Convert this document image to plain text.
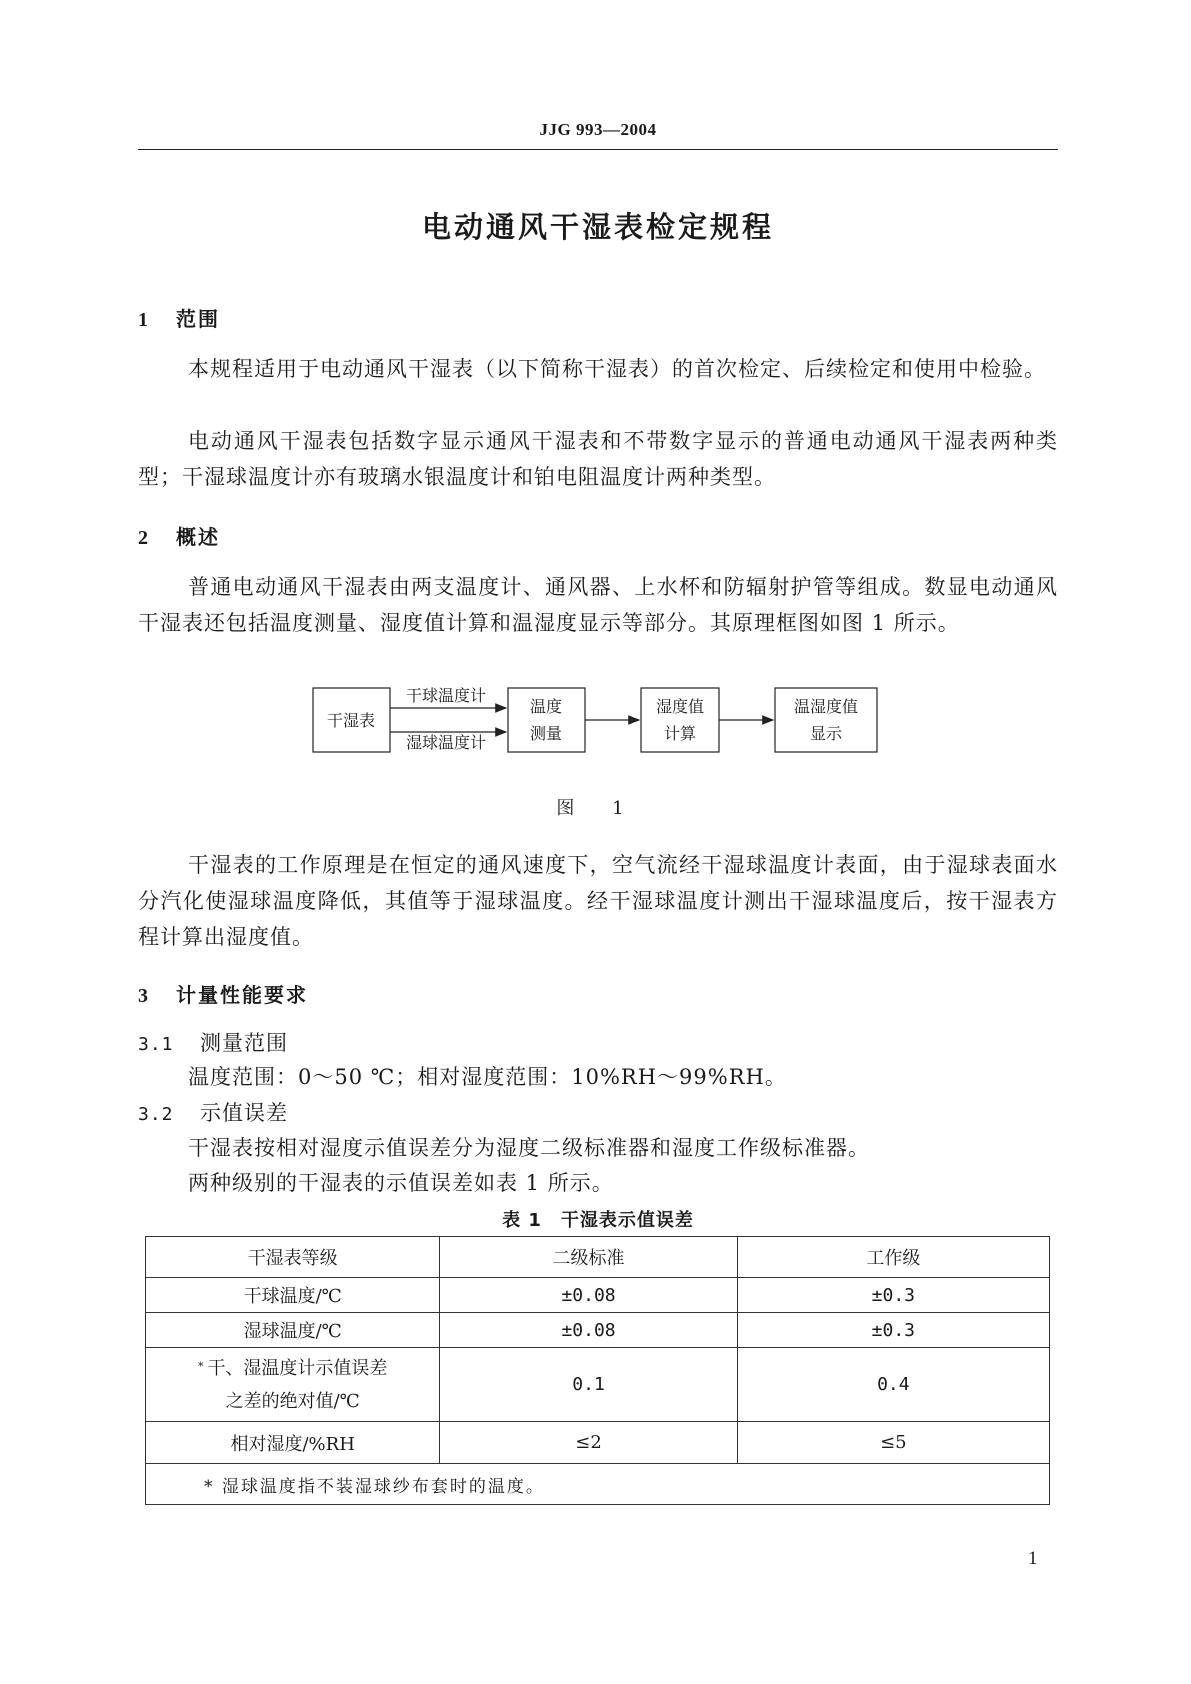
JJG 993—2004
电动通风干湿表检定规程
1 范围

本规程适用于电动通风干湿表（以下简称干湿表）的首次检定、后续检定和使用中检验。

电动通风干湿表包括数字显示通风干湿表和不带数字显示的普通电动通风干湿表两种类型；干湿球温度计亦有玻璃水银温度计和铂电阻温度计两种类型。

2 概述

普通电动通风干湿表由两支温度计、通风器、上水杯和防辐射护管等组成。数显电动通风干湿表还包括温度测量、湿度值计算和温湿度显示等部分。其原理框图如图 1 所示。

干湿表
温度
测量
湿度值
计算
温湿度值
显示
干球温度计
湿球温度计
图 1

干湿表的工作原理是在恒定的通风速度下，空气流经干湿球温度计表面，由于湿球表面水分汽化使湿球温度降低，其值等于湿球温度。经干湿球温度计测出干湿球温度后，按干湿表方程计算出湿度值。

3 计量性能要求
3.1 测量范围
温度范围：0～50 ℃；相对湿度范围：10%RH～99%RH。
3.2 示值误差
干湿表按相对湿度示值误差分为湿度二级标准器和湿度工作级标准器。
两种级别的干湿表的示值误差如表 1 所示。
表 1　干湿表示值误差
干湿表等级	二级标准	工作级
干球温度/℃	±0.08	±0.3
湿球温度/℃	±0.08	±0.3
* 干、湿温度计示值误差
之差的绝对值/℃	0.1	0.4
相对湿度/%RH	≤2	≤5
* 湿球温度指不装湿球纱布套时的温度。		
1
